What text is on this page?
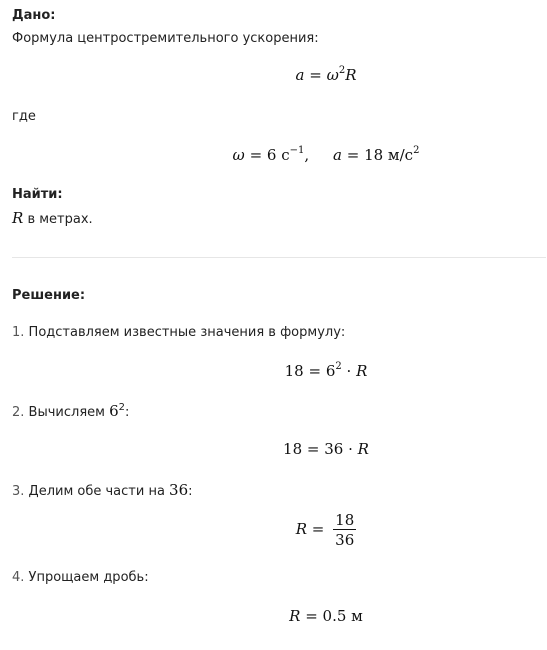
Дано:
Формула центростремительного ускорения:
$a = \omega^2R$
где
ω = 6 $с^{-1}$, a = 18 $м/с^2$
Найти:
R в метрах.
Решение:
1. Подставляем известные значения в формулу:
$18 = 6^2 \cdot R$
2. Вычисляем $6^2$:
18 = 36 · R
3. Делим обе части на 36:
$R = \frac{18}{36}$
4. Упрощаем дробь:
R = 0.5 м
